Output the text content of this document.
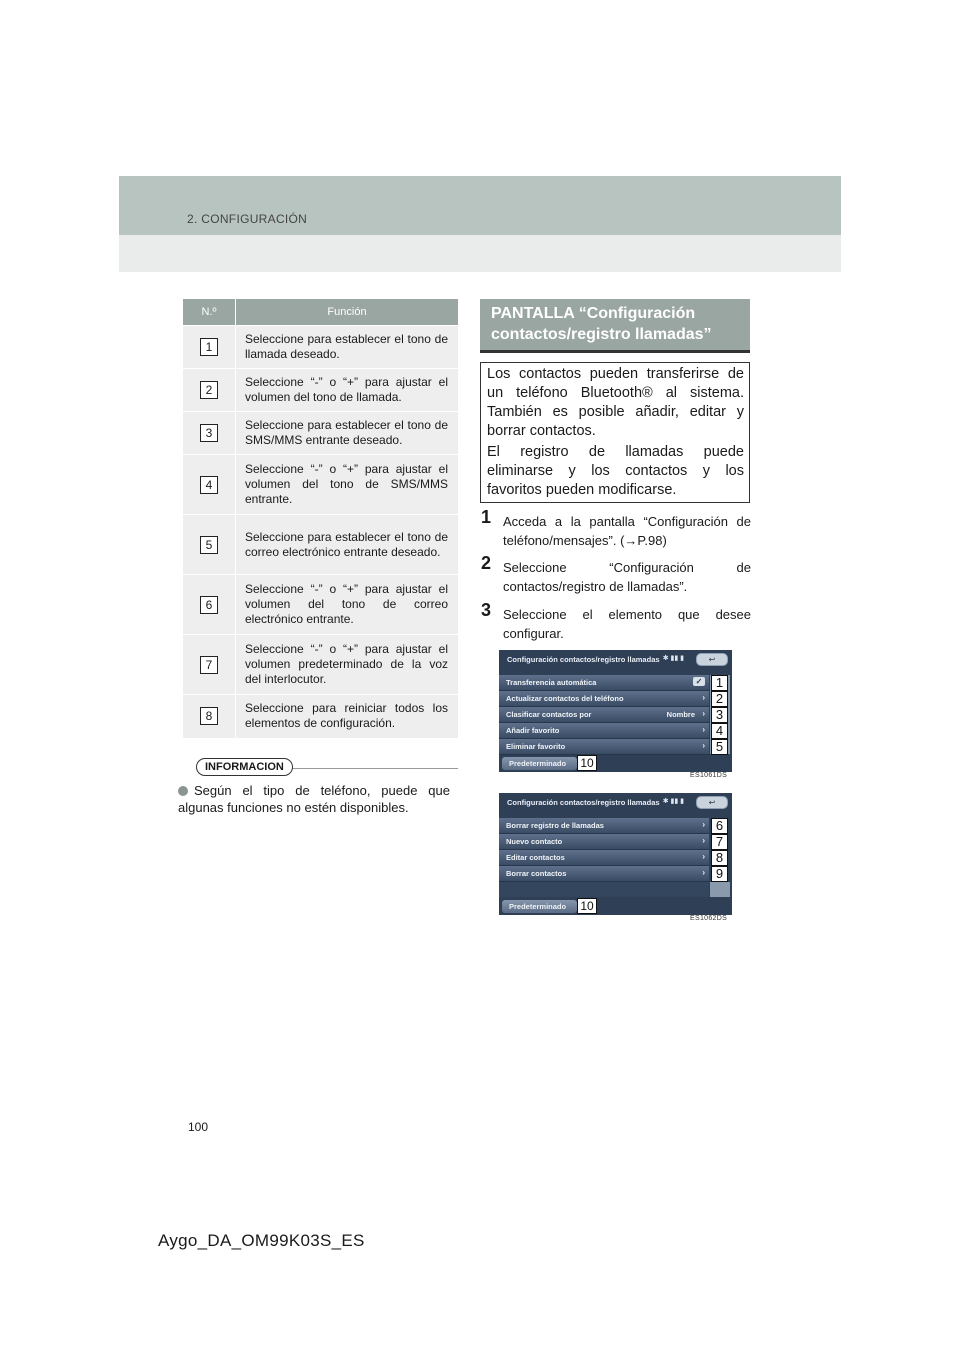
2. CONFIGURACIÓN
N.º	Función
1	Seleccione para establecer el tono de llamada deseado.
2	Seleccione “-” o “+” para ajustar el volumen del tono de llamada.
3	Seleccione para establecer el tono de SMS/MMS entrante deseado.
4	Seleccione “-” o “+” para ajustar el volumen del tono de SMS/MMS entrante.
5	Seleccione para establecer el tono de correo electrónico entrante deseado.
6	Seleccione “-” o “+” para ajustar el volumen del tono de correo electrónico entrante.
7	Seleccione “-” o “+” para ajustar el volumen predeterminado de la voz del interlocutor.
8	Seleccione para reiniciar todos los elementos de configuración.
INFORMACION
Según el tipo de teléfono, puede que algunas funciones no estén disponibles.
PANTALLA “Configuración contactos/registro llamadas”

Los contactos pueden transferirse de un teléfono Bluetooth® al sistema. También es posible añadir, editar y borrar contactos.

El registro de llamadas puede eliminarse y los contactos y los favoritos pueden modificarse.

1 Acceda a la pantalla “Configuración de teléfono/mensajes”. (→P.98)
2 Seleccione “Configuración de contactos/registro de llamadas”.
3 Seleccione el elemento que desee configurar.
Configuración contactos/registro llamadas ✱ ▮▮ ▮	↩
Transferencia automática	✓
Actualizar contactos del teléfono	›
Clasificar contactos por	Nombre ›
Añadir favorito	›
Eliminar favorito	›
Predeterminado
1
2
3
4
5
10
ES1061DS
Configuración contactos/registro llamadas ✱ ▮▮ ▮	↩
Borrar registro de llamadas	›
Nuevo contacto	›
Editar contactos	›
Borrar contactos	›
Predeterminado
6
7
8
9
10
ES1062DS
100
Aygo_DA_OM99K03S_ES
